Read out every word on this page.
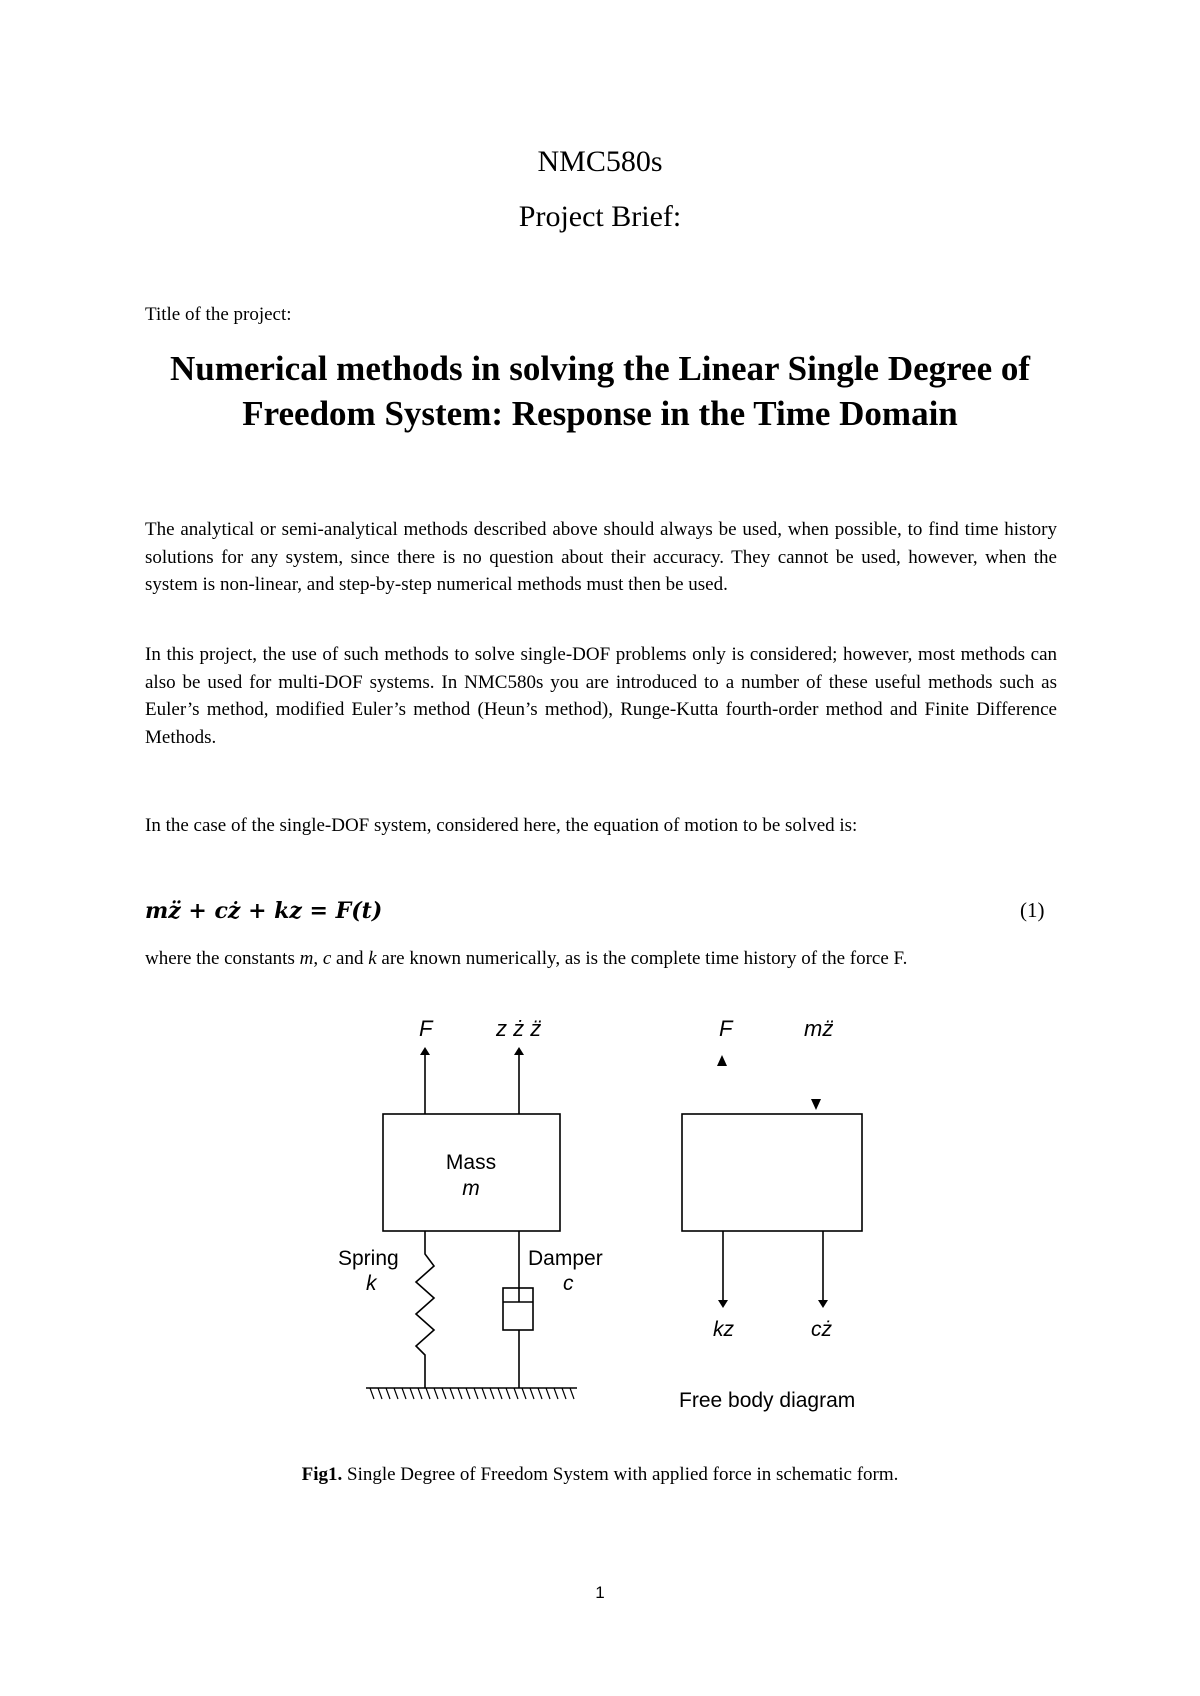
NMC580s
Project Brief:
Title of the project:
Numerical methods in solving the Linear Single Degree of
Freedom System: Response in the Time Domain

The analytical or semi-analytical methods described above should always be used, when possible, to find time history solutions for any system, since there is no question about their accuracy. They cannot be used, however, when the system is non-linear, and step-by-step numerical methods must then be used.

In this project, the use of such methods to solve single-DOF problems only is considered; however, most methods can also be used for multi-DOF systems. In NMC580s you are introduced to a number of these useful methods such as Euler’s method, modified Euler’s method (Heun’s method), Runge-Kutta fourth-order method and Finite Difference Methods.

In the case of the single-DOF system, considered here, the equation of motion to be solved is:

mz̈ + cż + kz = F(t)	(1)
where the constants m, c and k are known numerically, as is the complete time history of the force F.
F	z ż z̈
Mass
m
Spring
k
Damper
c
F	mz̈
kz	cż
Free body diagram
Fig1. Single Degree of Freedom System with applied force in schematic form.
1
